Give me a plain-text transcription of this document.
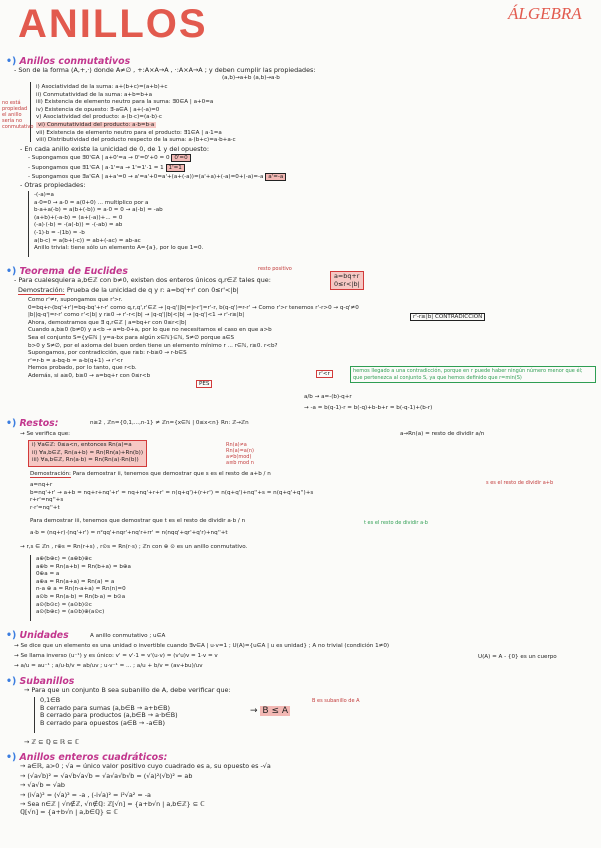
ANILLOS	ÁLGEBRA
•) Anillos conmutativos
- Son de la forma (A,+,·) donde A≠∅ , +:A×A→A , ·:A×A→A ; y deben cumplir las propiedades:
(a,b)→a+b (a,b)→a·b
i) Asociatividad de la suma: a+(b+c)=(a+b)+c
ii) Conmutatividad de la suma: a+b=b+a
iii) Existencia de elemento neutro para la suma: ∃0∈A | a+0=a
iv) Existencia de opuesto: ∃-a∈A | a+(-a)=0
v) Asociatividad del producto: a·(b·c)=(a·b)·c
vi) Conmutatividad del producto: a·b=b·a
vii) Existencia de elemento neutro para el producto: ∃1∈A | a·1=a
viii) Distributividad del producto respecto de la suma: a·(b+c)=a·b+a·c
no está propiedad el anillo sería no conmutativo
- En cada anillo existe la unicidad de 0, de 1 y del opuesto:
- Supongamos que ∃0'∈A | a+0'=a → 0'=0'+0 = 0 0'=0
- Supongamos que ∃1'∈A | a·1'=a → 1'=1'·1 = 1 1'=1
- Supongamos que ∃a'∈A | a+a'=0 → a'=a'+0=a'+(a+(-a))=(a'+a)+(-a)=0+(-a)=-a a'=-a
- Otras propiedades:
-(-a)=a
a·0=0 → a·0 = a(0+0) ... multiplico por a
b·a+a(-b) = a(b+(-b)) = a·0 = 0 → a(-b) = -ab
(a+b)+(-a-b) = (a+(-a))+... = 0
(-a)·(-b) = -(a(-b)) = -(-ab) = ab
(-1)·b = -(1b) = -b
a(b-c) = a(b+(-c)) = ab+(-ac) = ab-ac
Anillo trivial: tiene sólo un elemento A={a}, por lo que 1=0.
•) Teorema de Euclides	resto positivo
- Para cualesquiera a,b∈ℤ con b≠0, existen dos enteros únicos q,r∈ℤ tales que:	a=bq+r
0≤r<|b|
Demostración: Prueba de la unicidad de q y r: a=bq'+r' con 0≤r'<|b|
Como r'≠r, supongamos que r'>r.
0=bq+r-(bq'+r')=bq-bq'+r-r' como q,r,q',r'∈ℤ → |q-q'||b|=|r-r'|=r'-r, b(q-q')=r-r' → Como r'>r tenemos r'-r>0 → q-q'≠0
|b||q-q'|=r-r' como r'<|b| y r≥0 → r'-r<|b| → |q-q'||b|<|b| → |q-q'|<1 → r'-r≥|b|
Ahora, demostramos que ∃ q,r∈ℤ | a=bq+r con 0≤r<|b|
Cuando a,b≥0 (b≠0) y a<b → a=b·0+a, por lo que no necesitamos el caso en que a>b
Sea el conjunto S={y∈ℕ | y=a-bx para algún x∈ℕ}⊆ℕ, S≠∅ porque a∈S
b>0 y S≠∅, por el axioma del buen orden tiene un elemento mínimo r ... r∈ℕ, r≥0. r<b?
Supongamos, por contradicción, que r≥b: r-b≥0 → r-b∈S
r'=r-b = a-bq-b = a-b(q+1) → r'<r
Hemos probado, por lo tanto, que r<b.
Además, si a≥0, b≥0 → a=bq+r con 0≤r<b
r'-r≥|b| CONTRADICCIÓN
r'<r
PES
hemos llegado a una contradicción, porque en r puede haber ningún número menor que él; que pertenezca al conjunto S, ya que hemos definido que r=min(S)
a/b → a=-(b)-q+r
→ -a = b(q-1)-r = b(-q)+b-b+r = b(-q-1)+(b-r)
•) Restos:	n≥2 , ℤn={0,1,...,n-1} ≠ ℤn={x∈ℕ | 0≤x<n} Rn: ℤ→ℤn
a→Rn(a) = resto de dividir a/n
→ Se verifica que:
i) ∀a∈ℤ: 0≤a<n, entonces Rn(a)=a
ii) ∀a,b∈ℤ, Rn(a+b) = Rn(Rn(a)+Rn(b))
iii) ∀a,b∈ℤ, Rn(a·b) = Rn(Rn(a)·Rn(b))
Rn(a)≠a
Rn(a)=a(n)
a≠b(mod)
a≡b mod n
Demostración: Para demostrar ii, tenemos que demostrar que s es el resto de a+b / n
a=nq+r
b=nq'+r' → a+b = nq+r+nq'+r' = nq+nq'+r+r' = n(q+q')+(r+r') = n(q+q')+nq''+s = n(q+q'+q'')+s
r+r'=nq''+s
r·r'=nq''+t
Para demostrar iii, tenemos que demostrar que t es el resto de dividir a·b / n
a·b = (nq+r)·(nq'+r') = n²qq'+nqr'+nq'r+rr' = n(nqq'+qr'+q'r)+nq''+t
s es el resto de dividir a+b
t es el resto de dividir a·b
→ r,s ∈ ℤn , r⊕s = Rn(r+s) , r⊙s = Rn(r·s) ; ℤn con ⊕ ⊙ es un anillo conmutativo.
a⊕(b⊕c) = (a⊕b)⊕c
a⊕b = Rn(a+b) = Rn(b+a) = b⊕a
0⊕a = a
a⊕a = Rn(a+a) = Rn(a) = a
n-a ⊕ a = Rn(n-a+a) = Rn(n)=0
a⊙b = Rn(a·b) = Rn(b·a) = b⊙a
a⊙(b⊙c) = (a⊙b)⊙c
a⊙(b⊕c) = (a⊙b)⊕(a⊙c)
•) Unidades	A anillo conmutativo ; u∈A
→ Se dice que un elemento es una unidad o invertible cuando ∃v∈A | u·v=1 ; U(A)={u∈A | u es unidad} ; A no trivial (condición 1≠0)
→ Se llama inverso (u⁻¹) y es único: v' = v'·1 = v'(u·v) = (v'u)v = 1·v = v
→ a/u = au⁻¹ ; a/u·b/v = ab/uv ; u·v⁻¹ = ... ; a/u + b/v = (av+bu)/uv
U(A) = A - {0} es un cuerpo
•) Subanillos
→ Para que un conjunto B sea subanillo de A, debe verificar que:
0,1∈B
B cerrado para sumas (a,b∈B → a+b∈B)
B cerrado para productos (a,b∈B → a·b∈B)
B cerrado para opuestos (a∈B → -a∈B)
→ B ≤ A
B es subanillo de A
→ ℤ ⊆ ℚ ⊆ ℝ ⊆ ℂ
•) Anillos enteros cuadráticos:
→ a∈ℝ, a>0 ; √a = único valor positivo cuyo cuadrado es a, su opuesto es -√a
→ (√a√b)² = √a√b√a√b = √a√a√b√b = (√a)²(√b)² = ab
→ √a√b = √ab
→ (i√a)² = (√a)² = -a , (-i√a)² = i²√a² = -a
→ Sea n∈ℤ | √n∉ℤ, √n∉ℚ: ℤ[√n] = {a+b√n | a,b∈ℤ} ⊆ ℂ
ℚ[√n] = {a+b√n | a,b∈ℚ} ⊆ ℂ
